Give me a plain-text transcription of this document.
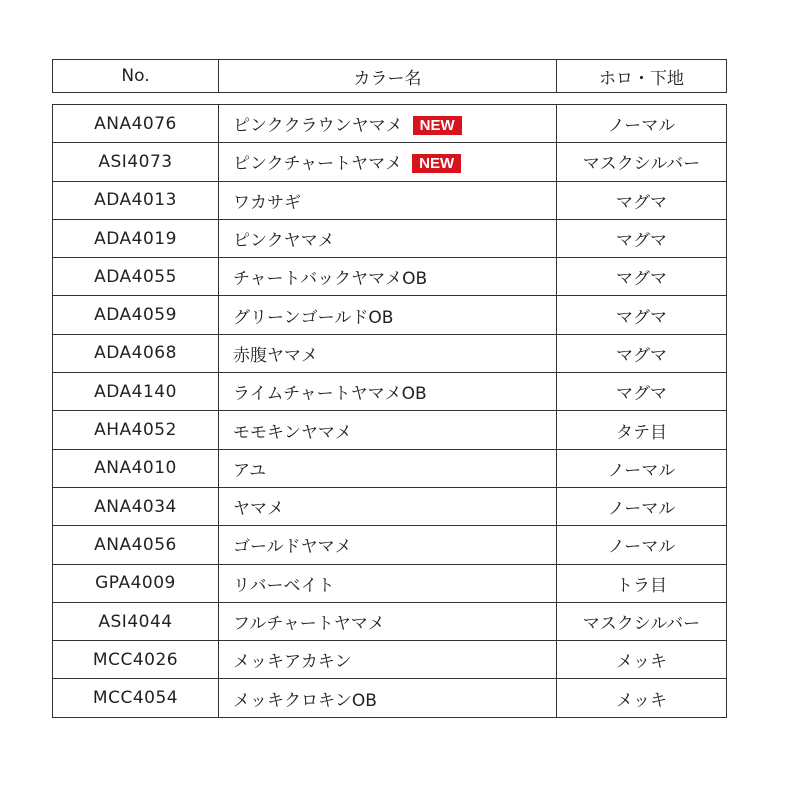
No.	カラー名	ホロ・下地
ANA4076	ピンククラウンヤマメ NEW	ノーマル
ASI4073	ピンクチャートヤマメ NEW	マスクシルバー
ADA4013	ワカサギ	マグマ
ADA4019	ピンクヤマメ	マグマ
ADA4055	チャートバックヤマメOB	マグマ
ADA4059	グリーンゴールドOB	マグマ
ADA4068	赤腹ヤマメ	マグマ
ADA4140	ライムチャートヤマメOB	マグマ
AHA4052	モモキンヤマメ	タテ目
ANA4010	アユ	ノーマル
ANA4034	ヤマメ	ノーマル
ANA4056	ゴールドヤマメ	ノーマル
GPA4009	リバーベイト	トラ目
ASI4044	フルチャートヤマメ	マスクシルバー
MCC4026	メッキアカキン	メッキ
MCC4054	メッキクロキンOB	メッキ
